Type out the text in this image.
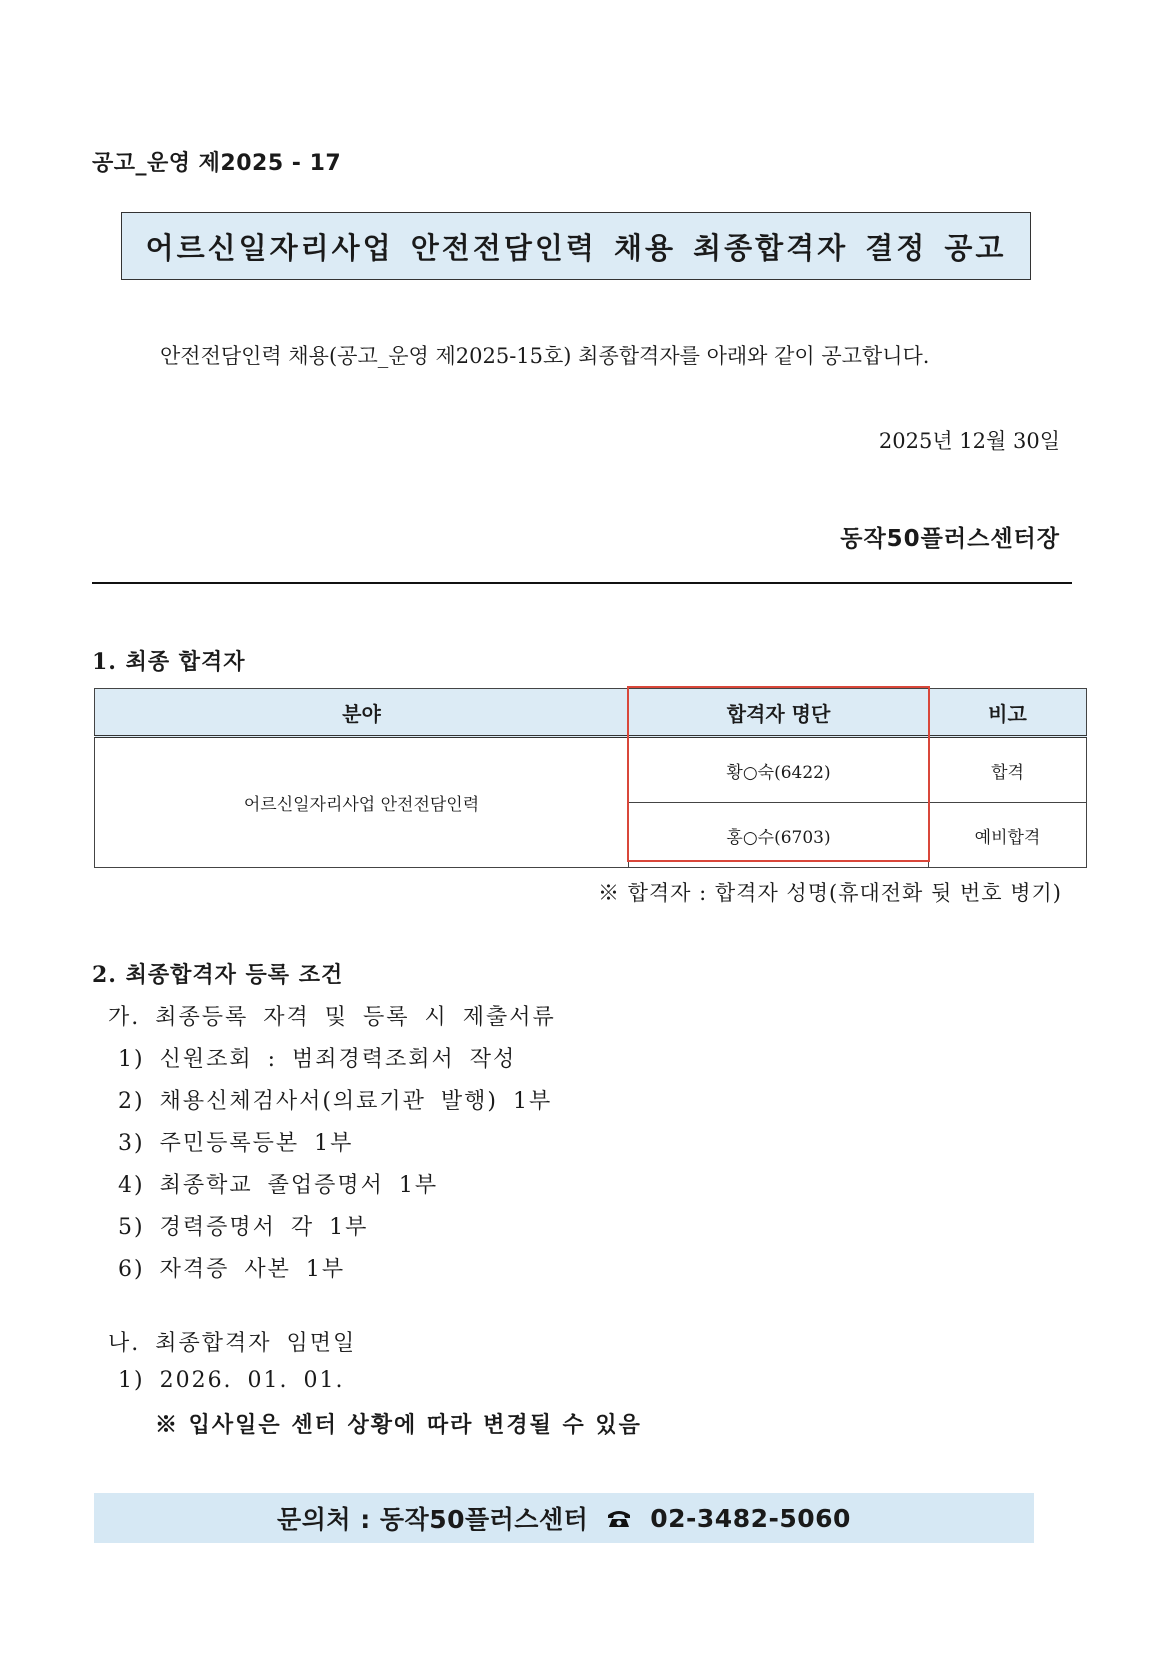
공고_운영 제2025 - 17
어르신일자리사업 안전전담인력 채용 최종합격자 결정 공고
안전전담인력 채용(공고_운영 제2025-15호) 최종합격자를 아래와 같이 공고합니다.
2025년 12월 30일
동작50플러스센터장
1. 최종 합격자
분야	합격자 명단	비고
어르신일자리사업 안전전담인력	황○숙(6422)	합격
	홍○수(6703)	예비합격
※ 합격자 : 합격자 성명(휴대전화 뒷 번호 병기)
2. 최종합격자 등록 조건
가. 최종등록 자격 및 등록 시 제출서류
1) 신원조회 : 범죄경력조회서 작성
2) 채용신체검사서(의료기관 발행) 1부
3) 주민등록등본 1부
4) 최종학교 졸업증명서 1부
5) 경력증명서 각 1부
6) 자격증 사본 1부
나. 최종합격자 임면일
1) 2026. 01. 01.
※ 입사일은 센터 상황에 따라 변경될 수 있음
문의처 : 동작50플러스센터 02-3482-5060
